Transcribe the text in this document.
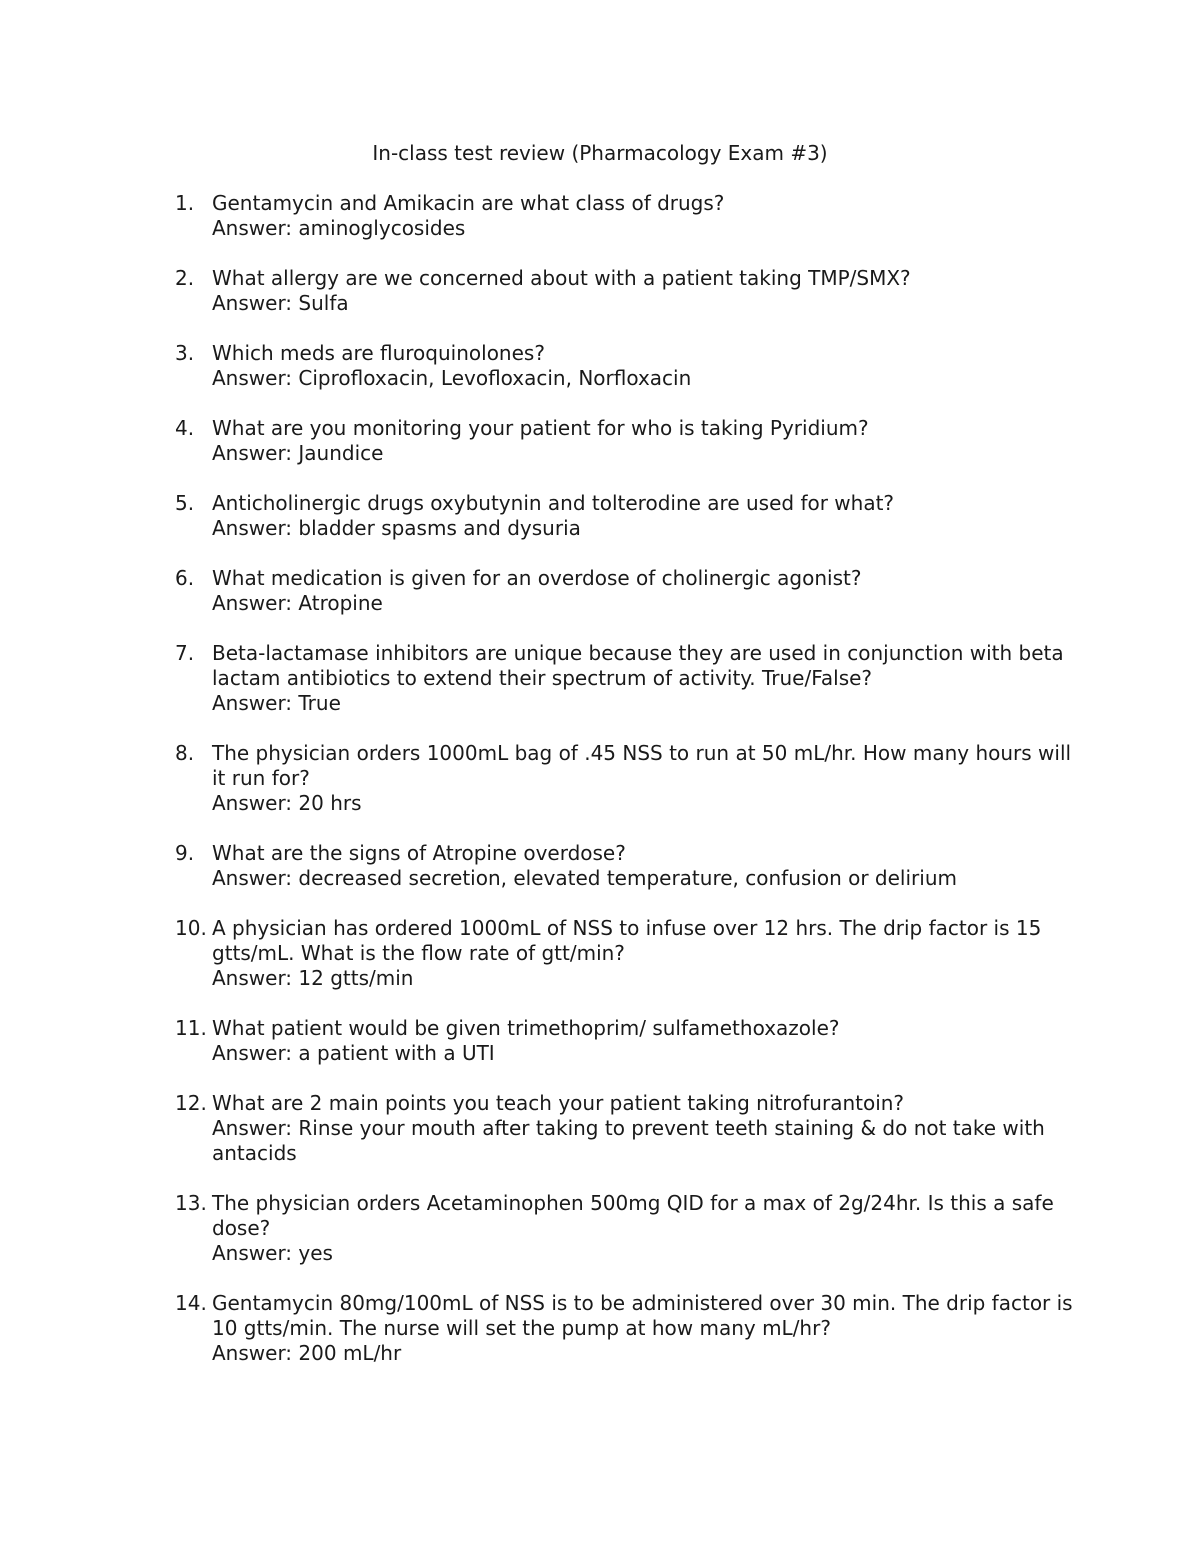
In-class test review (Pharmacology Exam #3)
1. Gentamycin and Amikacin are what class of drugs?
Answer: aminoglycosides
2. What allergy are we concerned about with a patient taking TMP/SMX?
Answer: Sulfa
3. Which meds are fluroquinolones?
Answer: Ciprofloxacin, Levofloxacin, Norfloxacin
4. What are you monitoring your patient for who is taking Pyridium?
Answer: Jaundice
5. Anticholinergic drugs oxybutynin and tolterodine are used for what?
Answer: bladder spasms and dysuria
6. What medication is given for an overdose of cholinergic agonist?
Answer: Atropine
7. Beta-lactamase inhibitors are unique because they are used in conjunction with beta lactam antibiotics to extend their spectrum of activity. True/False?
Answer: True
8. The physician orders 1000mL bag of .45 NSS to run at 50 mL/hr. How many hours will it run for?
Answer: 20 hrs
9. What are the signs of Atropine overdose?
Answer: decreased secretion, elevated temperature, confusion or delirium
10. A physician has ordered 1000mL of NSS to infuse over 12 hrs. The drip factor is 15 gtts/mL. What is the flow rate of gtt/min?
Answer: 12 gtts/min
11. What patient would be given trimethoprim/ sulfamethoxazole?
Answer: a patient with a UTI
12. What are 2 main points you teach your patient taking nitrofurantoin?
Answer: Rinse your mouth after taking to prevent teeth staining & do not take with antacids
13. The physician orders Acetaminophen 500mg QID for a max of 2g/24hr. Is this a safe dose?
Answer: yes
14. Gentamycin 80mg/100mL of NSS is to be administered over 30 min. The drip factor is 10 gtts/min. The nurse will set the pump at how many mL/hr?
Answer: 200 mL/hr
